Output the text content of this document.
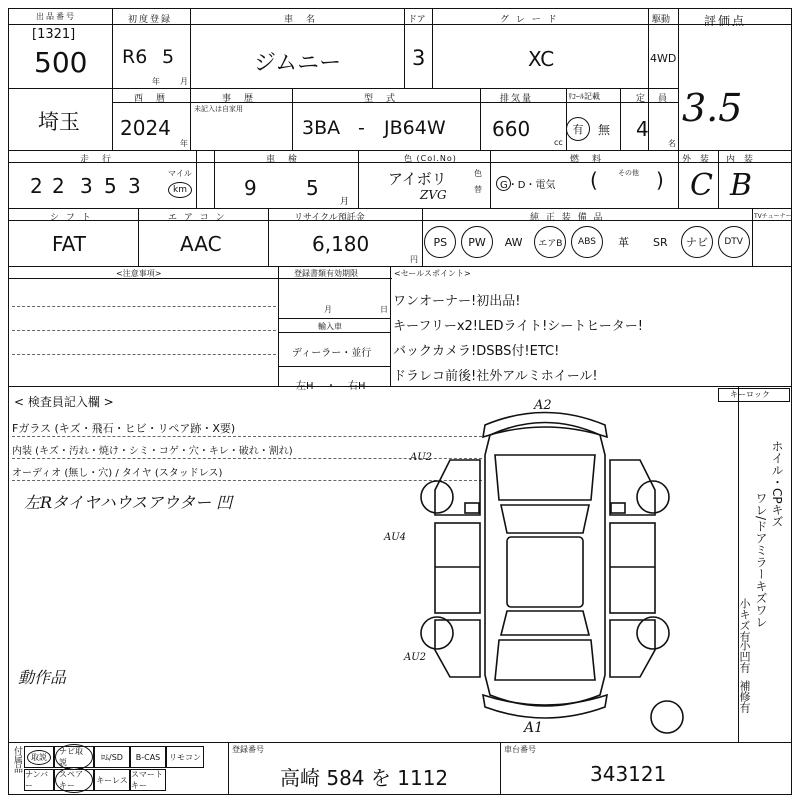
出品番号
[1321]
500
初度登録
R6 5
年	月
車　名
ジムニー
ドア
3
グ レ ー ド
XC
駆動
4WD
評価点
3.5
埼玉
西　暦
2024
年
事　歴
未記入は自家用
型　式
3BA - JB64W
排気量
660
cc
ﾘｺｰﾙ記載
有 無
定　員
4
名
走　行
2 2 3 5 3
マイル
km
車　検
9 5
月
色 (Col.No)
アイボリ
ZVG
色
替
燃　料
G・D・電気 (	その他 )
外　装
C
内　装
B
シ フ ト
FAT
エ ア コ ン
AAC
リサイクル預託金
6,180
円
純 正 装 備 品	TVチューナー
PS	PW	AW	エアB	ABS	革 SR	ナビ	DTV
<注意事項>	登録書類有効期限
月	日
輸入車
ディーラー・並行
左H ・ 右H
<セールスポイント>
ワンオーナー!初出品!
キーフリーx2!LEDライト!シートヒーター!
バックカメラ!DSBS付!ETC!
ドラレコ前後!社外アルミホイール!
< 検査員記入欄 >
Fガラス (キズ・飛石・ヒビ・リペア跡・X要)
内装 (キズ・汚れ・焼け・シミ・コゲ・穴・キレ・破れ・割れ)
オーディオ (無し・穴) / タイヤ (スタッドレス)
左Rタイヤハウスアウター 凹
動作品
キーロック
ホイル・CPキズ
ワレ/ドアミラーキズワレ
小キズ有
小凹有
補修有
A2
AU2
AU4
AU2
A1
付属品	取説
ナビ取説
ﾛﾑ/SD B-CAS リモコン
ナンバー
スペアキー
キーレス
スマートキー
登録番号
高崎 584 を 1112
車台番号
343121
